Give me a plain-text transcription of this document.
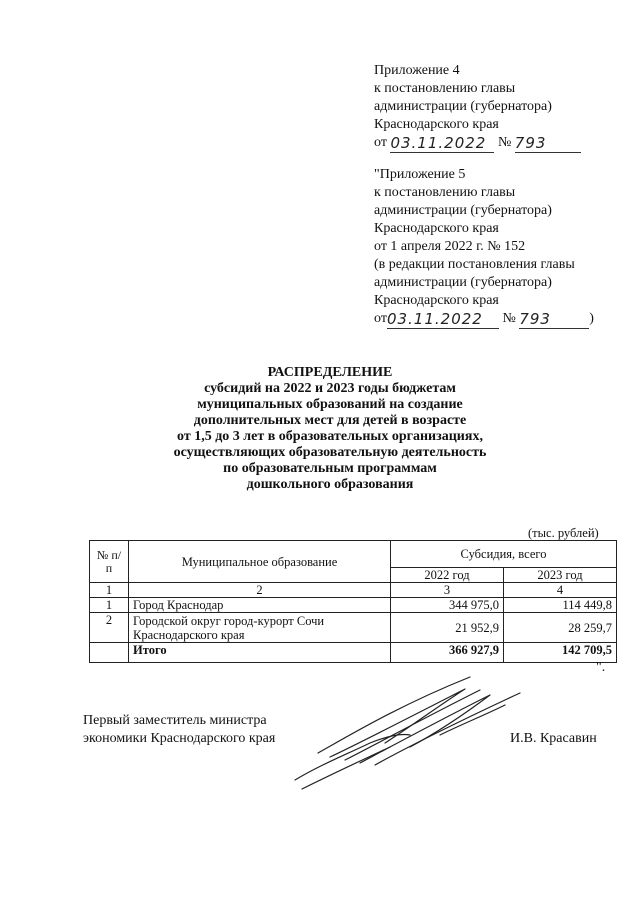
Приложение 4
к постановлению главы
администрации (губернатора)
Краснодарского края
от 03.11.2022 № 793
"Приложение 5
к постановлению главы
администрации (губернатора)
Краснодарского края
от 1 апреля 2022 г. № 152
(в редакции постановления главы
администрации (губернатора)
Краснодарского края
от03.11.2022 № 793	)
РАСПРЕДЕЛЕНИЕ
субсидий на 2022 и 2023 годы бюджетам
муниципальных образований на создание
дополнительных мест для детей в возрасте
от 1,5 до 3 лет в образовательных организациях,
осуществляющих образовательную деятельность
по образовательным программам
дошкольного образования
(тыс. рублей)
№ п/п	Муниципальное образование	Субсидия, всего	
		2022 год	2023 год
1	2	3	4
1	Город Краснодар	344 975,0	114 449,8
2	Городской округ город-курорт Сочи Краснодарского края	21 952,9	28 259,7
	Итого	366 927,9	142 709,5
".
Первый заместитель министра
экономики Краснодарского края	И.В. Красавин
